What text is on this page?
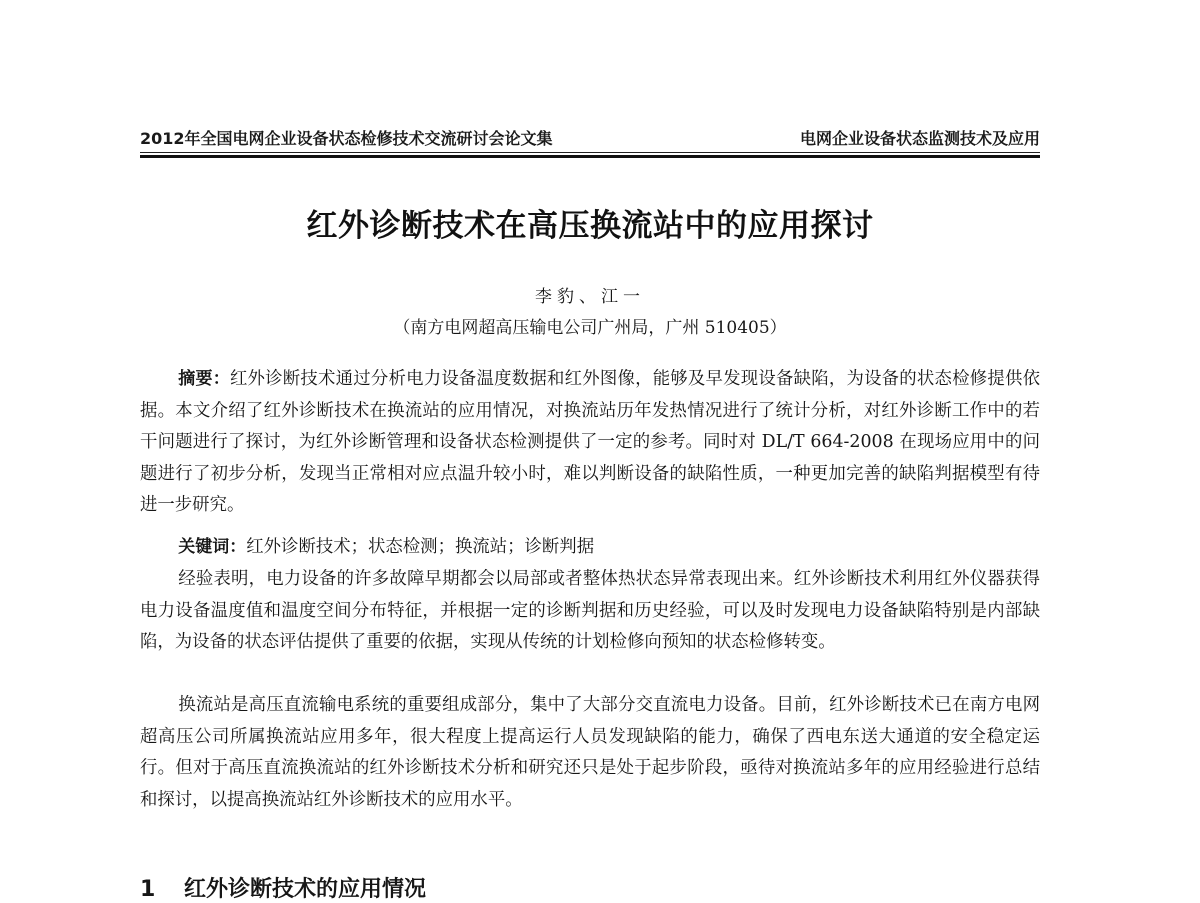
2012年全国电网企业设备状态检修技术交流研讨会论文集	电网企业设备状态监测技术及应用
红外诊断技术在高压换流站中的应用探讨
李豹、江一
（南方电网超高压输电公司广州局，广州 510405）

摘要：红外诊断技术通过分析电力设备温度数据和红外图像，能够及早发现设备缺陷，为设备的状态检修提供依据。本文介绍了红外诊断技术在换流站的应用情况，对换流站历年发热情况进行了统计分析，对红外诊断工作中的若干问题进行了探讨，为红外诊断管理和设备状态检测提供了一定的参考。同时对 DL/T 664-2008 在现场应用中的问题进行了初步分析，发现当正常相对应点温升较小时，难以判断设备的缺陷性质，一种更加完善的缺陷判据模型有待进一步研究。

关键词：红外诊断技术；状态检测；换流站；诊断判据

经验表明，电力设备的许多故障早期都会以局部或者整体热状态异常表现出来。红外诊断技术利用红外仪器获得电力设备温度值和温度空间分布特征，并根据一定的诊断判据和历史经验，可以及时发现电力设备缺陷特别是内部缺陷，为设备的状态评估提供了重要的依据，实现从传统的计划检修向预知的状态检修转变。

换流站是高压直流输电系统的重要组成部分，集中了大部分交直流电力设备。目前，红外诊断技术已在南方电网超高压公司所属换流站应用多年，很大程度上提高运行人员发现缺陷的能力，确保了西电东送大通道的安全稳定运行。但对于高压直流换流站的红外诊断技术分析和研究还只是处于起步阶段，亟待对换流站多年的应用经验进行总结和探讨，以提高换流站红外诊断技术的应用水平。

1 红外诊断技术的应用情况
